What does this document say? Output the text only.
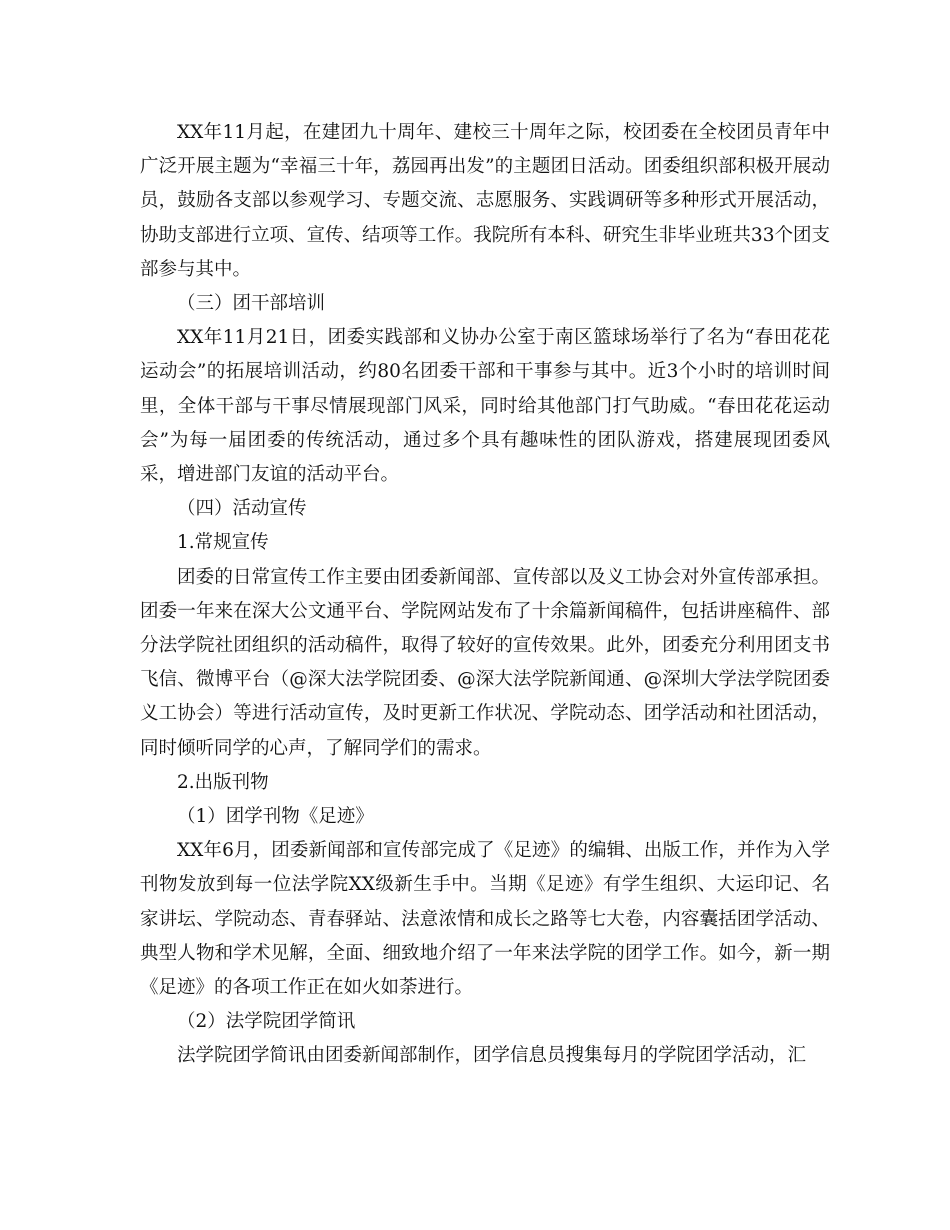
XX年11月起，在建团九十周年、建校三十周年之际，校团委在全校团员青年中广泛开展主题为“幸福三十年，荔园再出发”的主题团日活动。团委组织部积极开展动员，鼓励各支部以参观学习、专题交流、志愿服务、实践调研等多种形式开展活动，协助支部进行立项、宣传、结项等工作。我院所有本科、研究生非毕业班共33个团支部参与其中。

（三）团干部培训

XX年11月21日，团委实践部和义协办公室于南区篮球场举行了名为“春田花花运动会”的拓展培训活动，约80名团委干部和干事参与其中。近3个小时的培训时间里，全体干部与干事尽情展现部门风采，同时给其他部门打气助威。“春田花花运动会”为每一届团委的传统活动，通过多个具有趣味性的团队游戏，搭建展现团委风采，增进部门友谊的活动平台。

（四）活动宣传

1.常规宣传

团委的日常宣传工作主要由团委新闻部、宣传部以及义工协会对外宣传部承担。团委一年来在深大公文通平台、学院网站发布了十余篇新闻稿件，包括讲座稿件、部分法学院社团组织的活动稿件，取得了较好的宣传效果。此外，团委充分利用团支书飞信、微博平台（@深大法学院团委、@深大法学院新闻通、@深圳大学法学院团委义工协会）等进行活动宣传，及时更新工作状况、学院动态、团学活动和社团活动，同时倾听同学的心声，了解同学们的需求。

2.出版刊物

（1）团学刊物《足迹》

XX年6月，团委新闻部和宣传部完成了《足迹》的编辑、出版工作，并作为入学刊物发放到每一位法学院XX级新生手中。当期《足迹》有学生组织、大运印记、名家讲坛、学院动态、青春驿站、法意浓情和成长之路等七大卷，内容囊括团学活动、典型人物和学术见解，全面、细致地介绍了一年来法学院的团学工作。如今，新一期《足迹》的各项工作正在如火如荼进行。

（2）法学院团学简讯

法学院团学简讯由团委新闻部制作，团学信息员搜集每月的学院团学活动，汇
